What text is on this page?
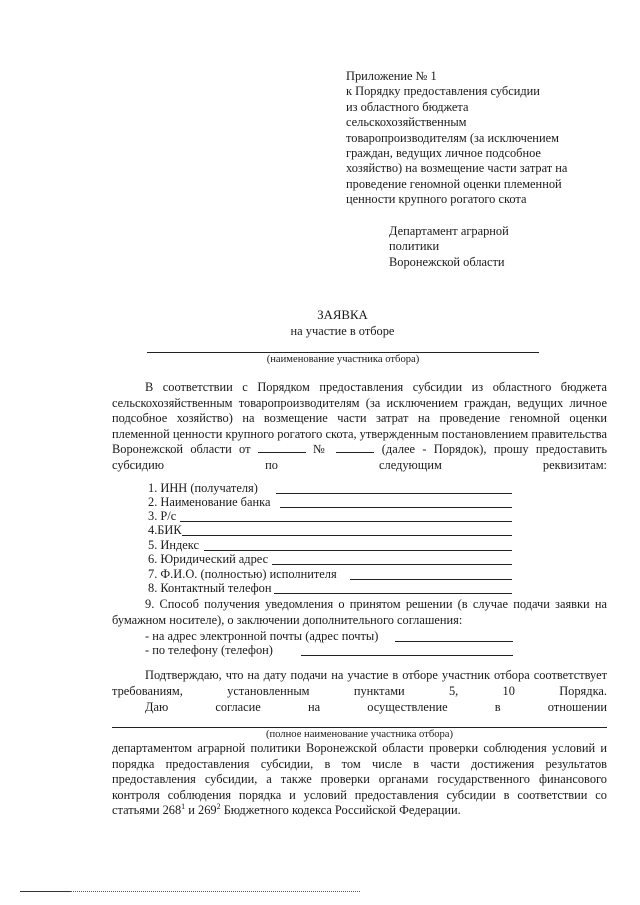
Приложение № 1
к Порядку предоставления субсидии
из областного бюджета
сельскохозяйственным
товаропроизводителям (за исключением
граждан, ведущих личное подсобное
хозяйство) на возмещение части затрат на
проведение геномной оценки племенной
ценности крупного рогатого скота
Департамент аграрной
политики
Воронежской области
ЗАЯВКА
на участие в отборе
(наименование участника отбора)
В соответствии с Порядком предоставления субсидии из областного бюджета сельскохозяйственным товаропроизводителям (за исключением граждан, ведущих личное подсобное хозяйство) на возмещение части затрат на проведение геномной оценки племенной ценности крупного рогатого скота, утвержденным постановлением правительства Воронежской области от	№	(далее - Порядок), прошу предоставить субсидию по следующим реквизитам:
1. ИНН (получателя)
2. Наименование банка
3. Р/с
4.БИК
5. Индекс
6. Юридический адрес
7. Ф.И.О. (полностью) исполнителя
8. Контактный телефон
9. Способ получения уведомления о принятом решении (в случае подачи заявки на бумажном носителе), о заключении дополнительного соглашения:
- на адрес электронной почты (адрес почты)
- по телефону (телефон)
Подтверждаю, что на дату подачи на участие в отборе участник отбора соответствует требованиям, установленным пунктами 5, 10 Порядка.
Даю	согласие	на	осуществление	в	отношении
(полное наименование участника отбора)
департаментом аграрной политики Воронежской области проверки соблюдения условий и порядка предоставления субсидии, в том числе в части достижения результатов предоставления субсидии, а также проверки органами государственного финансового контроля соблюдения порядка и условий предоставления субсидии в соответствии со статьями $268^1$ и $269^2$ Бюджетного кодекса Российской Федерации.
